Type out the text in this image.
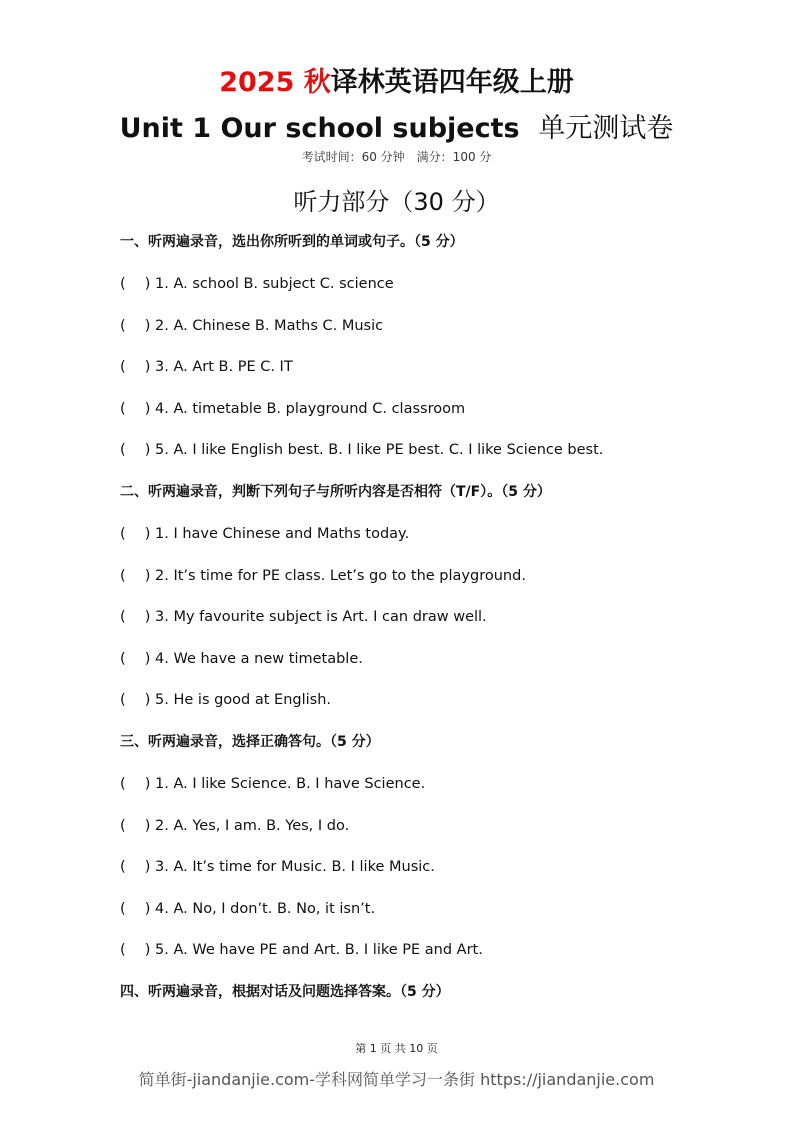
2025 秋译林英语四年级上册
Unit 1 Our school subjects 单元测试卷
考试时间：60 分钟　满分：100 分
听力部分（30 分）
一、听两遍录音，选出你所听到的单词或句子。（5 分）
(　 ) 1. A. school B. subject C. science
(　 ) 2. A. Chinese B. Maths C. Music
(　 ) 3. A. Art B. PE C. IT
(　 ) 4. A. timetable B. playground C. classroom
(　 ) 5. A. I like English best. B. I like PE best. C. I like Science best.
二、听两遍录音，判断下列句子与所听内容是否相符（T/F）。（5 分）
(　 ) 1. I have Chinese and Maths today.
(　 ) 2. It’s time for PE class. Let’s go to the playground.
(　 ) 3. My favourite subject is Art. I can draw well.
(　 ) 4. We have a new timetable.
(　 ) 5. He is good at English.
三、听两遍录音，选择正确答句。（5 分）
(　 ) 1. A. I like Science. B. I have Science.
(　 ) 2. A. Yes, I am. B. Yes, I do.
(　 ) 3. A. It’s time for Music. B. I like Music.
(　 ) 4. A. No, I don’t. B. No, it isn’t.
(　 ) 5. A. We have PE and Art. B. I like PE and Art.
四、听两遍录音，根据对话及问题选择答案。（5 分）
第 1 页 共 10 页
简单街-jiandanjie.com-学科网简单学习一条街 https://jiandanjie.com
